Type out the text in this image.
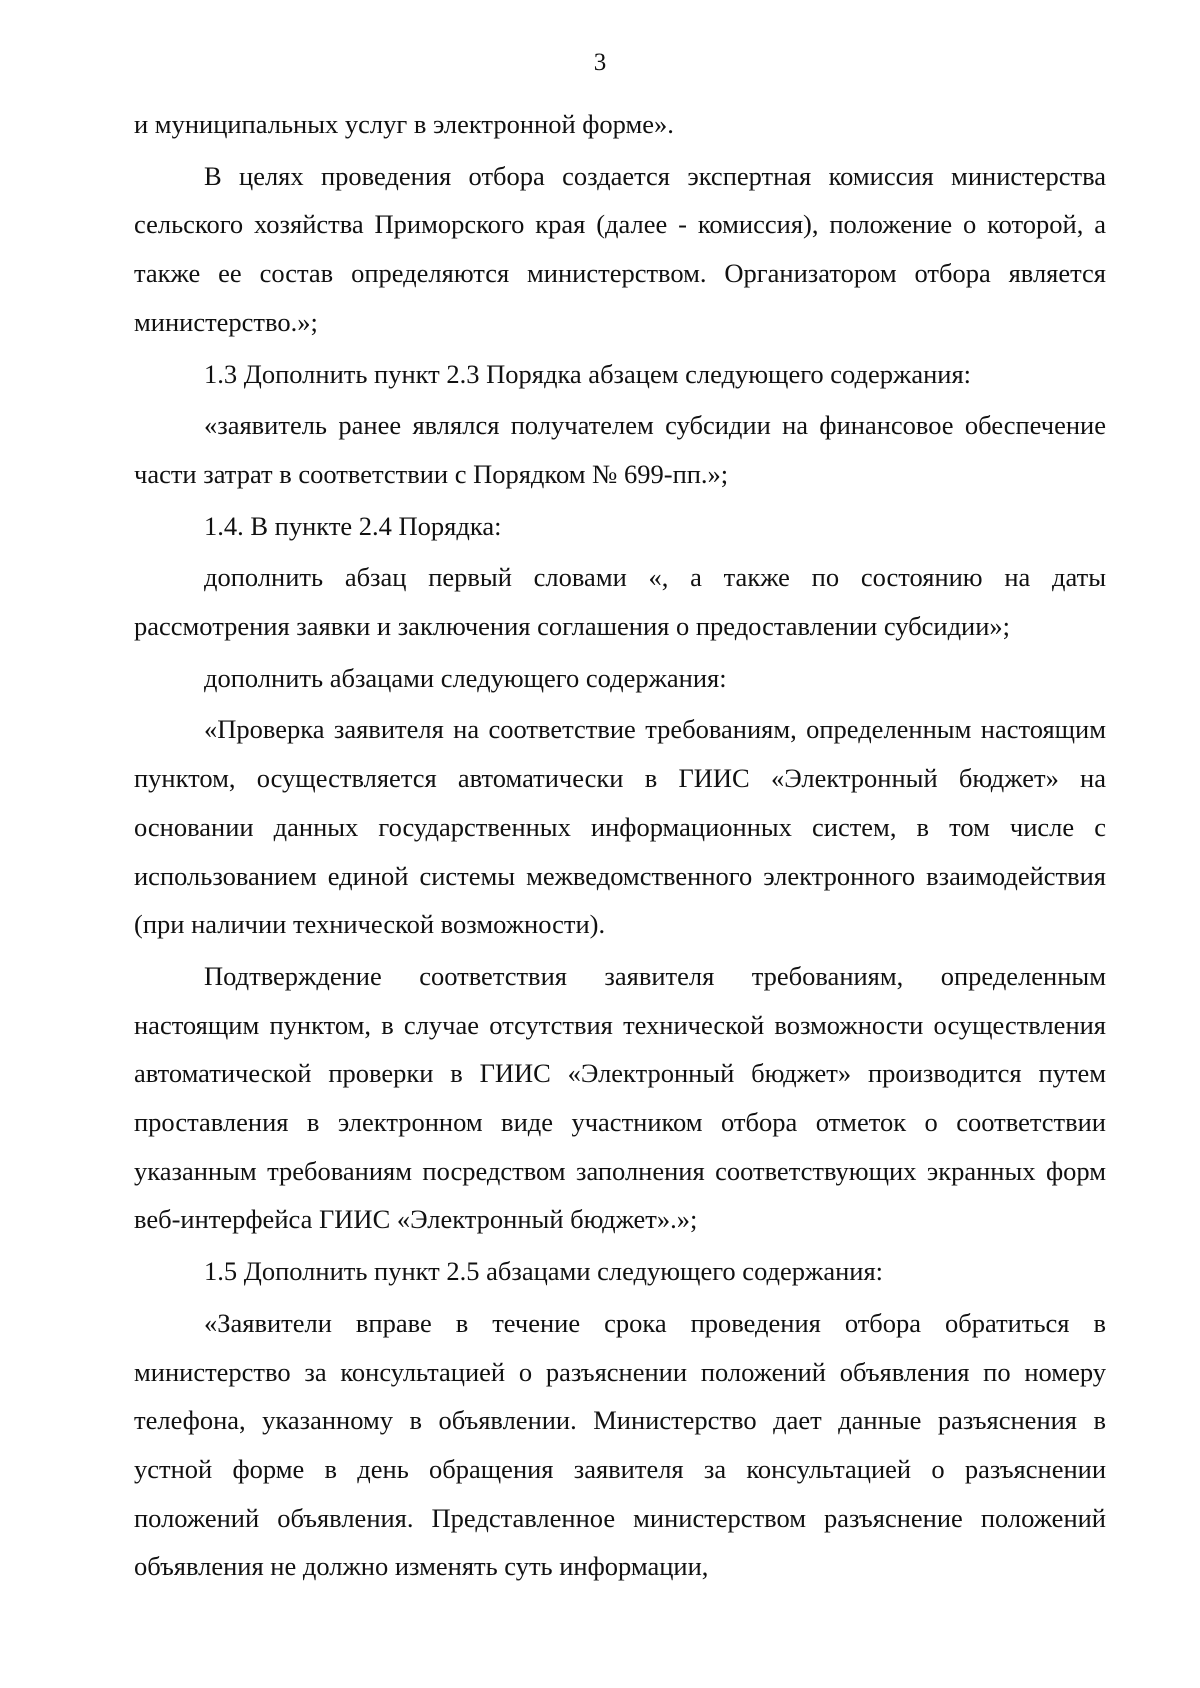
3

и муниципальных услуг в электронной форме».

В целях проведения отбора создается экспертная комиссия министерства сельского хозяйства Приморского края (далее - комиссия), положение о которой, а также ее состав определяются министерством. Организатором отбора является министерство.»;

1.3 Дополнить пункт 2.3 Порядка абзацем следующего содержания:

«заявитель ранее являлся получателем субсидии на финансовое обеспечение части затрат в соответствии с Порядком № 699-пп.»;

1.4. В пункте 2.4 Порядка:

дополнить абзац первый словами «, а также по состоянию на даты рассмотрения заявки и заключения соглашения о предоставлении субсидии»;

дополнить абзацами следующего содержания:

«Проверка заявителя на соответствие требованиям, определенным настоящим пунктом, осуществляется автоматически в ГИИС «Электронный бюджет» на основании данных государственных информационных систем, в том числе с использованием единой системы межведомственного электронного взаимодействия (при наличии технической возможности).

Подтверждение соответствия заявителя требованиям, определенным настоящим пунктом, в случае отсутствия технической возможности осуществления автоматической проверки в ГИИС «Электронный бюджет» производится путем проставления в электронном виде участником отбора отметок о соответствии указанным требованиям посредством заполнения соответствующих экранных форм веб-интерфейса ГИИС «Электронный бюджет».»;

1.5 Дополнить пункт 2.5 абзацами следующего содержания:

«Заявители вправе в течение срока проведения отбора обратиться в министерство за консультацией о разъяснении положений объявления по номеру телефона, указанному в объявлении. Министерство дает данные разъяснения в устной форме в день обращения заявителя за консультацией о разъяснении положений объявления. Представленное министерством разъяснение положений объявления не должно изменять суть информации,
